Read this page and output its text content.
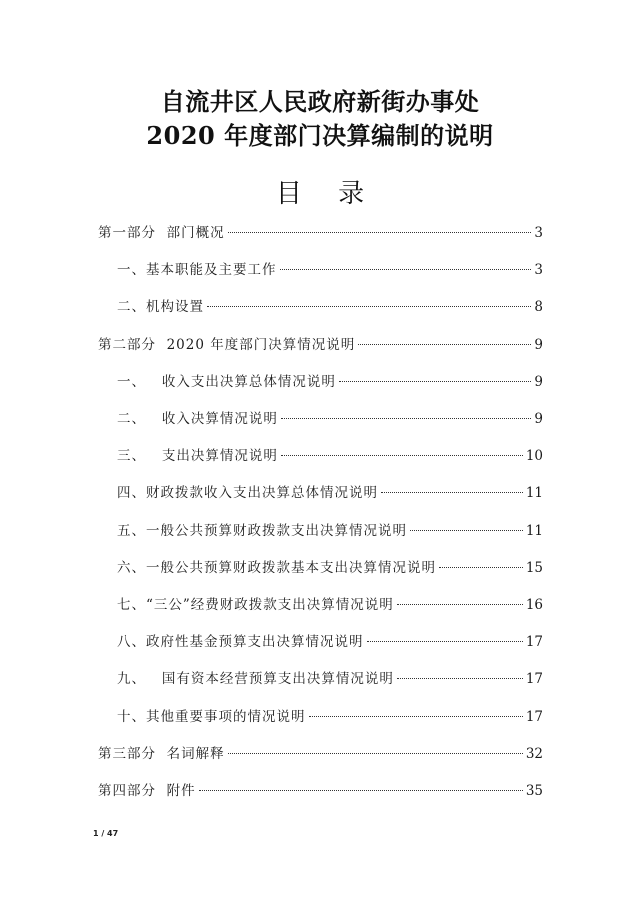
自流井区人民政府新街办事处
2020 年度部门决算编制的说明
目 录
第一部分  部门概况	3
一、基本职能及主要工作	3
二、机构设置	8
第二部分  2020 年度部门决算情况说明	9
一、   收入支出决算总体情况说明	9
二、   收入决算情况说明	9
三、   支出决算情况说明	10
四、财政拨款收入支出决算总体情况说明	11
五、一般公共预算财政拨款支出决算情况说明	11
六、一般公共预算财政拨款基本支出决算情况说明	15
七、“三公”经费财政拨款支出决算情况说明	16
八、政府性基金预算支出决算情况说明	17
九、   国有资本经营预算支出决算情况说明	17
十、其他重要事项的情况说明	17
第三部分  名词解释	32
第四部分  附件	35
1 / 47
